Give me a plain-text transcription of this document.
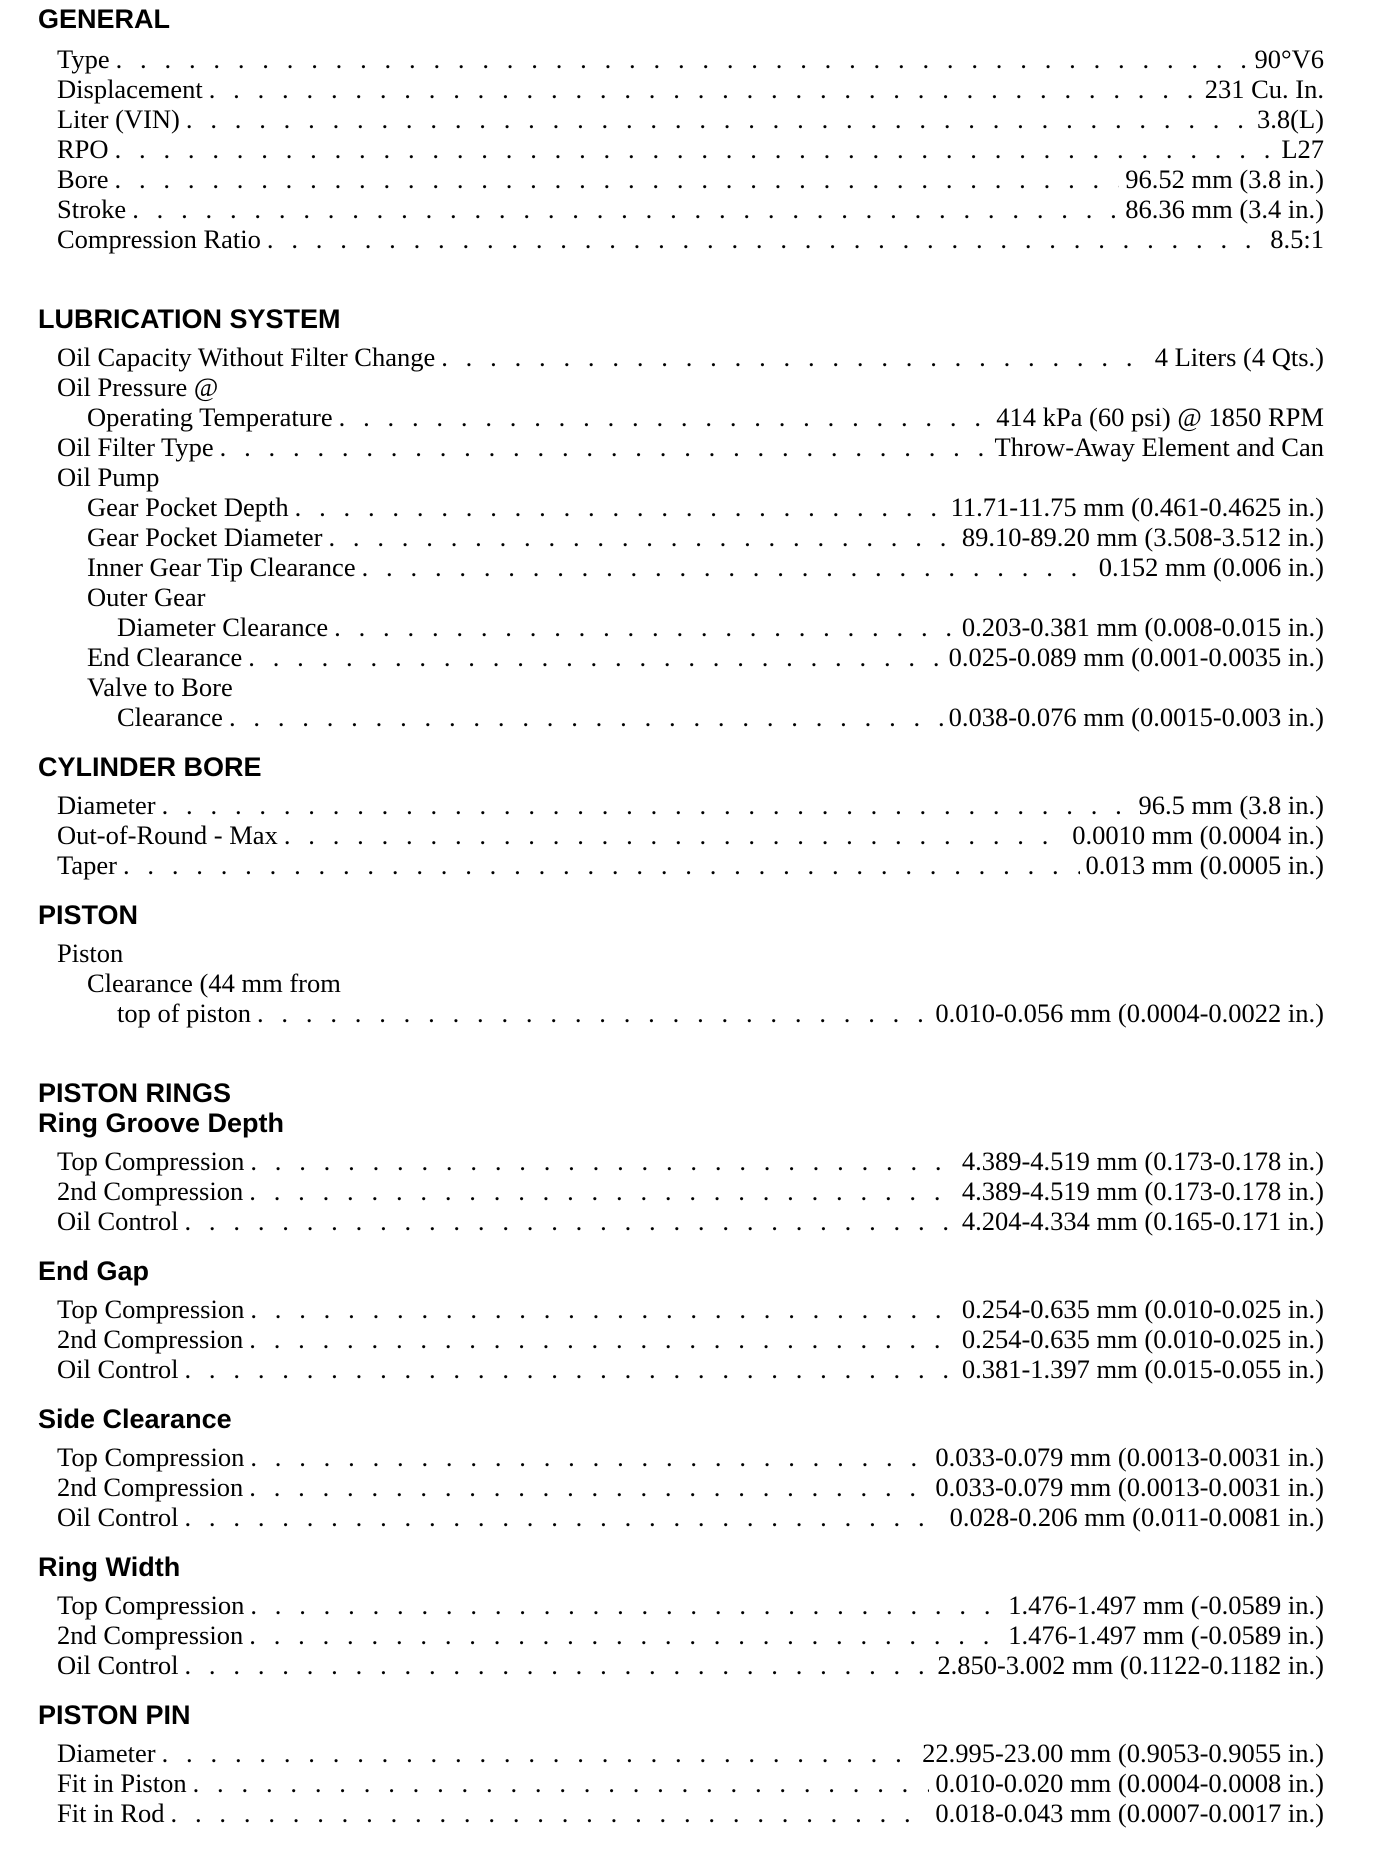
GENERAL
Type . . .	90°V6
Displacement . . .	231 Cu. In.
Liter (VIN) . . .	3.8(L)
RPO . . .	L27
Bore . . .	96.52 mm (3.8 in.)
Stroke . . .	86.36 mm (3.4 in.)
Compression Ratio . . .	8.5:1
LUBRICATION SYSTEM
Oil Capacity Without Filter Change . . .	4 Liters (4 Qts.)
Oil Pressure @
Operating Temperature . . .	414 kPa (60 psi) @ 1850 RPM
Oil Filter Type . . .	Throw-Away Element and Can
Oil Pump
Gear Pocket Depth . . .	11.71-11.75 mm (0.461-0.4625 in.)
Gear Pocket Diameter . . .	89.10-89.20 mm (3.508-3.512 in.)
Inner Gear Tip Clearance . . .	0.152 mm (0.006 in.)
Outer Gear
Diameter Clearance . . .	0.203-0.381 mm (0.008-0.015 in.)
End Clearance . . .	0.025-0.089 mm (0.001-0.0035 in.)
Valve to Bore
Clearance . . .	0.038-0.076 mm (0.0015-0.003 in.)
CYLINDER BORE
Diameter . . .	96.5 mm (3.8 in.)
Out-of-Round - Max . . .	0.0010 mm (0.0004 in.)
Taper . . .	0.013 mm (0.0005 in.)
PISTON
Piston
Clearance (44 mm from
top of piston . . .	0.010-0.056 mm (0.0004-0.0022 in.)
PISTON RINGS
Ring Groove Depth
Top Compression . . .	4.389-4.519 mm (0.173-0.178 in.)
2nd Compression . . .	4.389-4.519 mm (0.173-0.178 in.)
Oil Control . . .	4.204-4.334 mm (0.165-0.171 in.)
End Gap
Top Compression . . .	0.254-0.635 mm (0.010-0.025 in.)
2nd Compression . . .	0.254-0.635 mm (0.010-0.025 in.)
Oil Control . . .	0.381-1.397 mm (0.015-0.055 in.)
Side Clearance
Top Compression . . .	0.033-0.079 mm (0.0013-0.0031 in.)
2nd Compression . . .	0.033-0.079 mm (0.0013-0.0031 in.)
Oil Control . . .	0.028-0.206 mm (0.011-0.0081 in.)
Ring Width
Top Compression . . .	1.476-1.497 mm (-0.0589 in.)
2nd Compression . . .	1.476-1.497 mm (-0.0589 in.)
Oil Control . . .	2.850-3.002 mm (0.1122-0.1182 in.)
PISTON PIN
Diameter . . .	22.995-23.00 mm (0.9053-0.9055 in.)
Fit in Piston . . .	0.010-0.020 mm (0.0004-0.0008 in.)
Fit in Rod . . .	0.018-0.043 mm (0.0007-0.0017 in.)
